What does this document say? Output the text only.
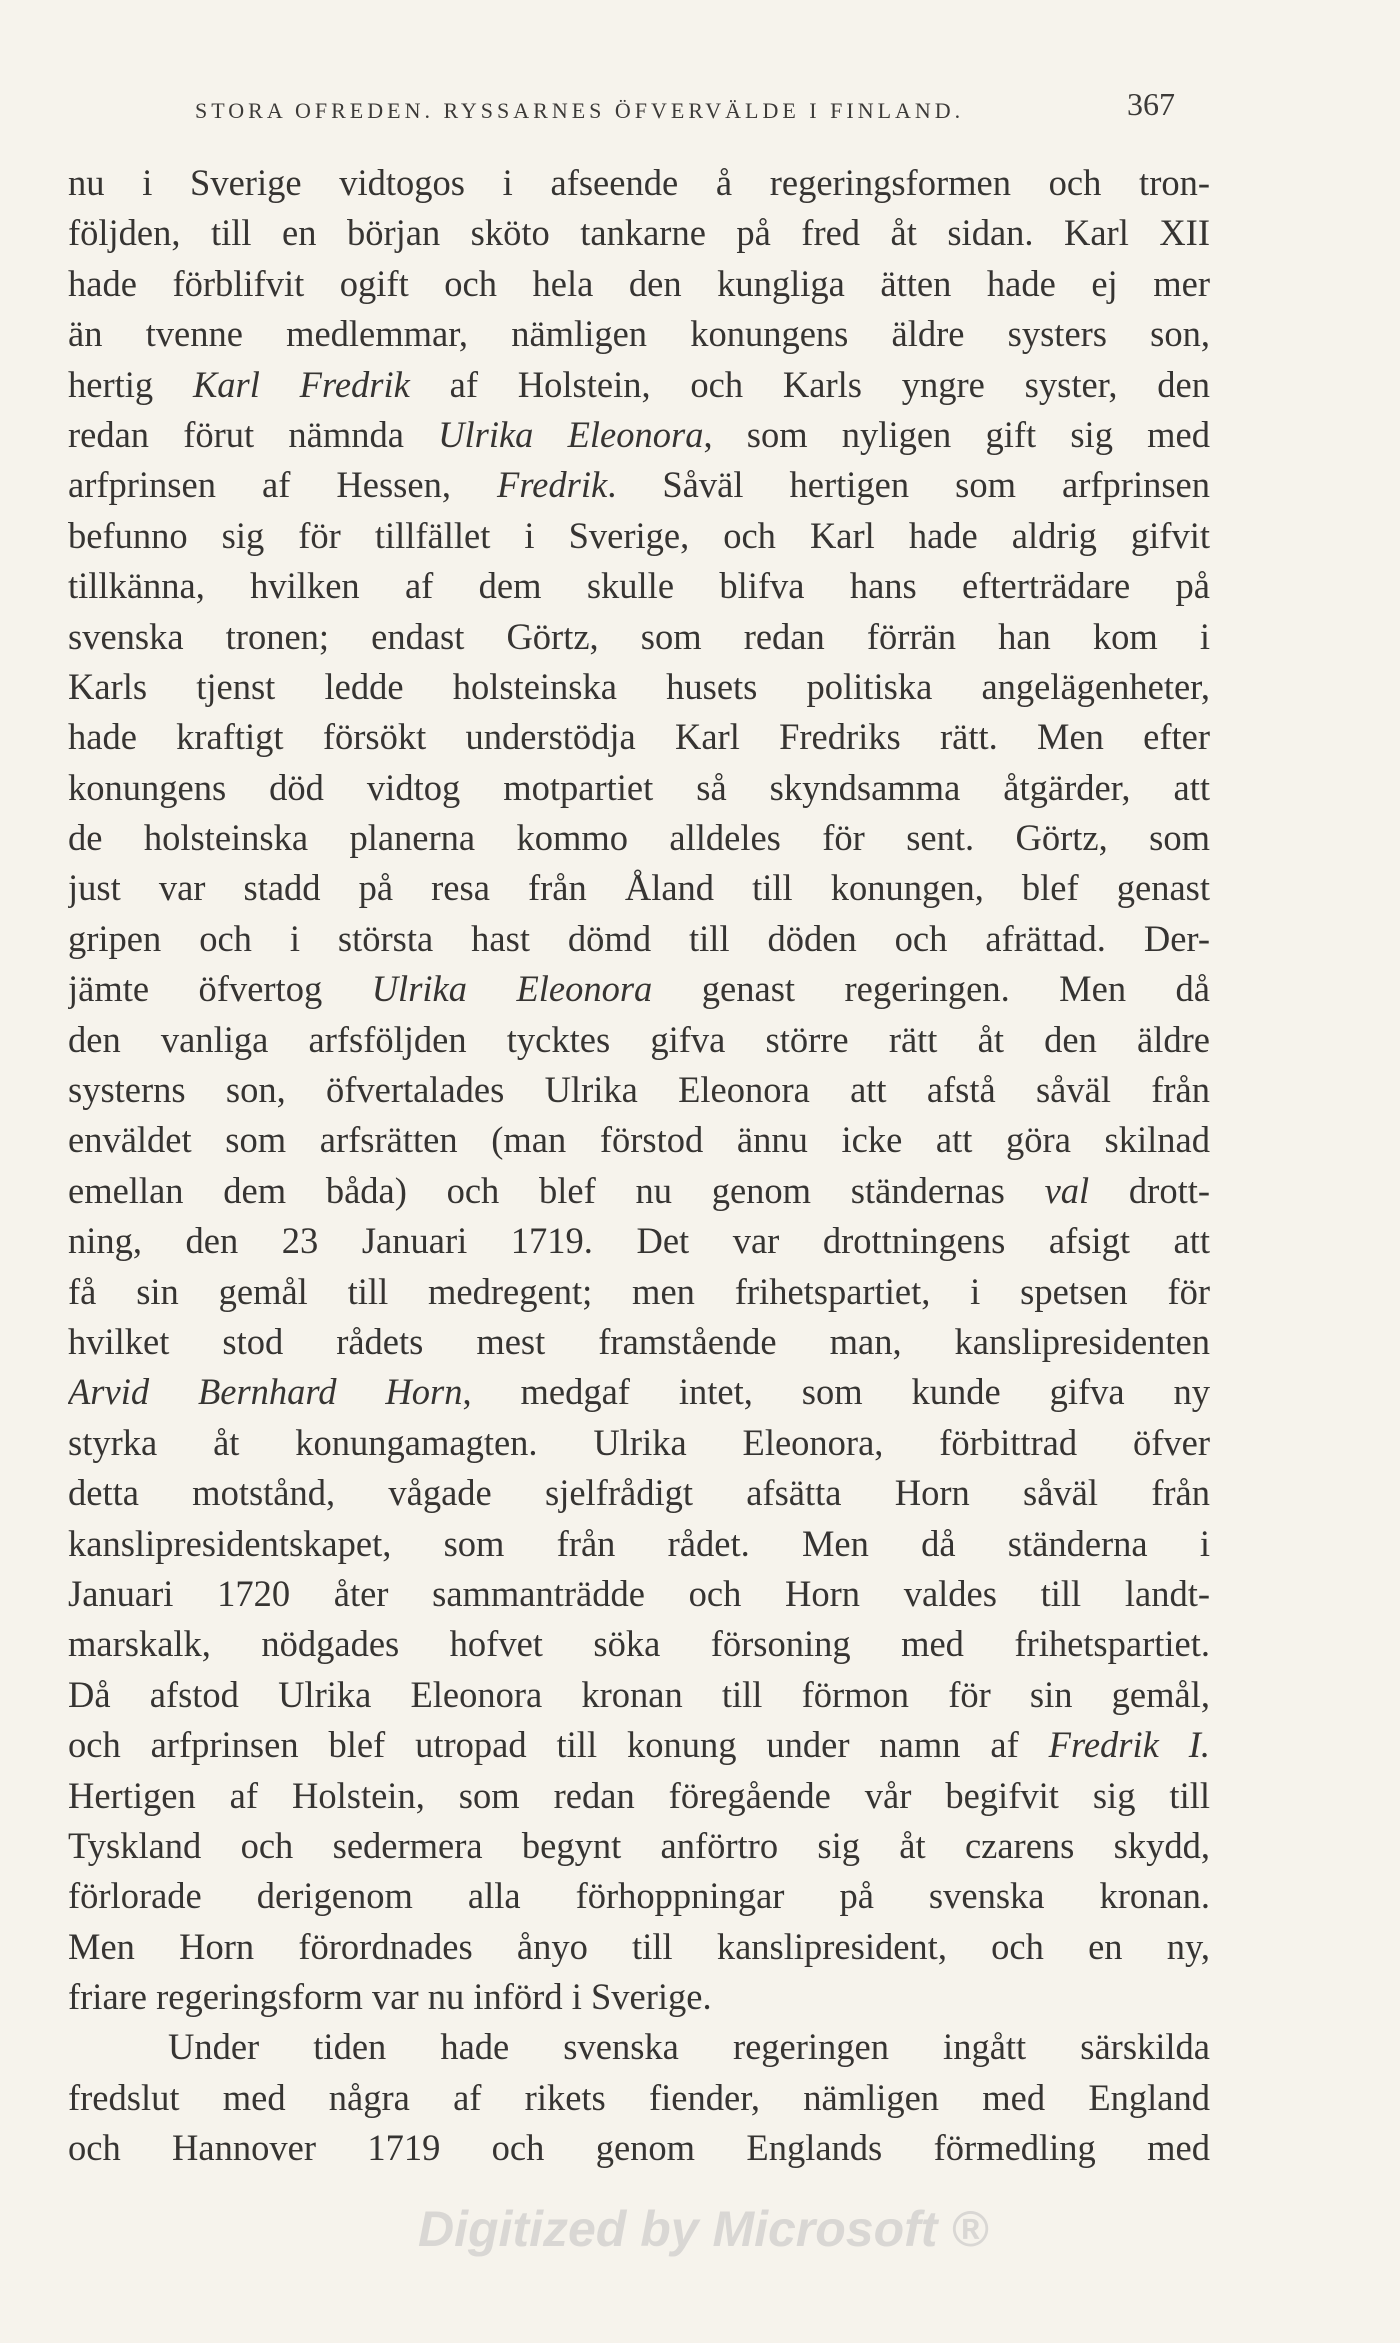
STORA OFREDEN. RYSSARNES ÖFVERVÄLDE I FINLAND.	367
nu i Sverige vidtogos i afseende å regeringsformen och tron-
följden, till en början sköto tankarne på fred åt sidan. Karl XII
hade förblifvit ogift och hela den kungliga ätten hade ej mer
än tvenne medlemmar, nämligen konungens äldre systers son,
hertig Karl Fredrik af Holstein, och Karls yngre syster, den
redan förut nämnda Ulrika Eleonora, som nyligen gift sig med
arfprinsen af Hessen, Fredrik. Såväl hertigen som arfprinsen
befunno sig för tillfället i Sverige, och Karl hade aldrig gifvit
tillkänna, hvilken af dem skulle blifva hans efterträdare på
svenska tronen; endast Görtz, som redan förrän han kom i
Karls tjenst ledde holsteinska husets politiska angelägenheter,
hade kraftigt försökt understödja Karl Fredriks rätt. Men efter
konungens död vidtog motpartiet så skyndsamma åtgärder, att
de holsteinska planerna kommo alldeles för sent. Görtz, som
just var stadd på resa från Åland till konungen, blef genast
gripen och i största hast dömd till döden och afrättad. Der-
jämte öfvertog Ulrika Eleonora genast regeringen. Men då
den vanliga arfsföljden tycktes gifva större rätt åt den äldre
systerns son, öfvertalades Ulrika Eleonora att afstå såväl från
enväldet som arfsrätten (man förstod ännu icke att göra skilnad
emellan dem båda) och blef nu genom ständernas val drott-
ning, den 23 Januari 1719. Det var drottningens afsigt att
få sin gemål till medregent; men frihetspartiet, i spetsen för
hvilket stod rådets mest framstående man, kanslipresidenten
Arvid Bernhard Horn, medgaf intet, som kunde gifva ny
styrka åt konungamagten. Ulrika Eleonora, förbittrad öfver
detta motstånd, vågade sjelfrådigt afsätta Horn såväl från
kanslipresidentskapet, som från rådet. Men då ständerna i
Januari 1720 åter sammanträdde och Horn valdes till landt-
marskalk, nödgades hofvet söka försoning med frihetspartiet.
Då afstod Ulrika Eleonora kronan till förmon för sin gemål,
och arfprinsen blef utropad till konung under namn af Fredrik I.
Hertigen af Holstein, som redan föregående vår begifvit sig till
Tyskland och sedermera begynt anförtro sig åt czarens skydd,
förlorade derigenom alla förhoppningar på svenska kronan.
Men Horn förordnades ånyo till kanslipresident, och en ny,
friare regeringsform var nu införd i Sverige.
Under tiden hade svenska regeringen ingått särskilda
fredslut med några af rikets fiender, nämligen med England
och Hannover 1719 och genom Englands förmedling med
Digitized by Microsoft ®
